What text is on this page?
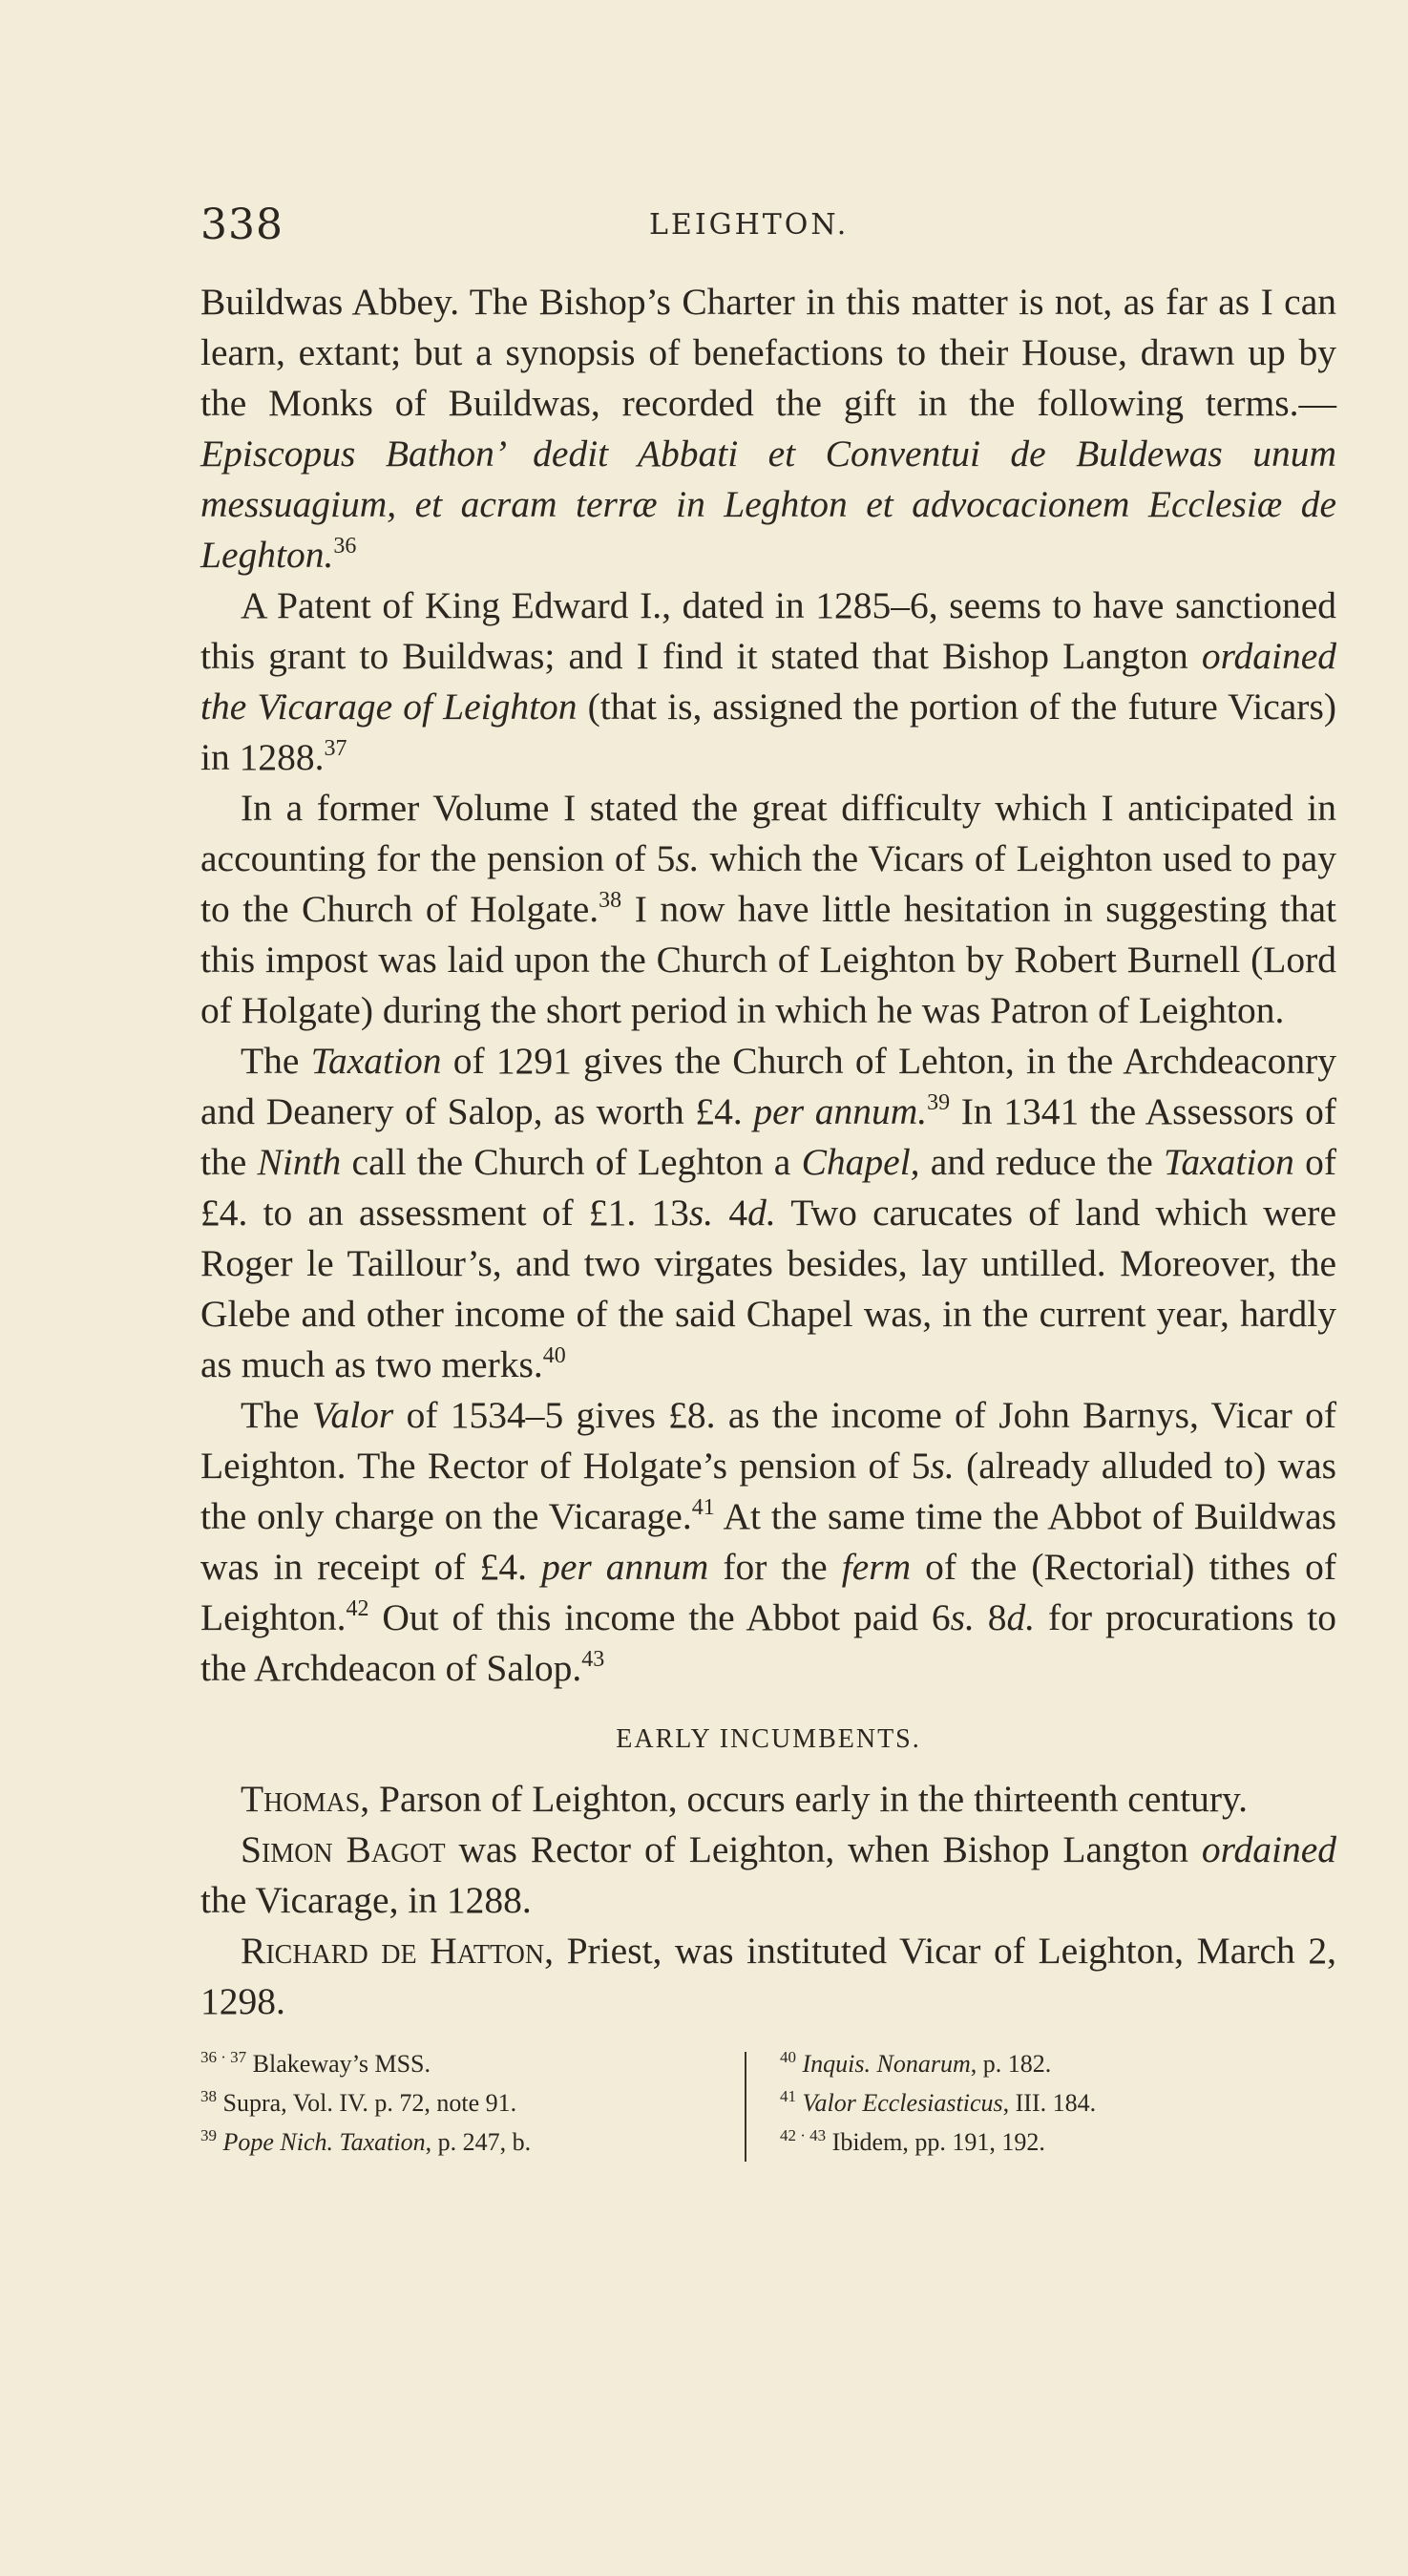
338	LEIGHTON.

Buildwas Abbey. The Bishop’s Charter in this matter is not, as far as I can learn, extant; but a synopsis of benefactions to their House, drawn up by the Monks of Buildwas, recorded the gift in the following terms.—Episcopus Bathon’ dedit Abbati et Conventui de Buldewas unum messuagium, et acram terræ in Leghton et advocacionem Ecclesiæ de Leghton.$^{36}$

A Patent of King Edward I., dated in 1285–6, seems to have sanctioned this grant to Buildwas; and I find it stated that Bishop Langton ordained the Vicarage of Leighton (that is, assigned the portion of the future Vicars) in 1288.37

In a former Volume I stated the great difficulty which I anticipated in accounting for the pension of 5s. which the Vicars of Leighton used to pay to the Church of Holgate.$^{38}$ I now have little hesitation in suggesting that this impost was laid upon the Church of Leighton by Robert Burnell (Lord of Holgate) during the short period in which he was Patron of Leighton.

The Taxation of 1291 gives the Church of Lehton, in the Archdeaconry and Deanery of Salop, as worth £4. per annum.$^{39}$ In 1341 the Assessors of the Ninth call the Church of Leghton a Chapel, and reduce the Taxation of £4. to an assessment of £1. 13s. 4d. Two carucates of land which were Roger le Taillour’s, and two virgates besides, lay untilled. Moreover, the Glebe and other income of the said Chapel was, in the current year, hardly as much as two merks.$^{40}$

The Valor of 1534–5 gives £8. as the income of John Barnys, Vicar of Leighton. The Rector of Holgate’s pension of 5s. (already alluded to) was the only charge on the Vicarage.$^{41}$ At the same time the Abbot of Buildwas was in receipt of £4. per annum for the ferm of the (Rectorial) tithes of Leighton.$^{42}$ Out of this income the Abbot paid 6s. 8d. for procurations to the Archdeacon of Salop.$^{43}$

EARLY INCUMBENTS.

Thomas, Parson of Leighton, occurs early in the thirteenth century.

Simon Bagot was Rector of Leighton, when Bishop Langton ordained the Vicarage, in 1288.

Richard de Hatton, Priest, was instituted Vicar of Leighton, March 2, 1298.

$^{36 \cdot 37}$ Blakeway’s MSS.
$^{38}$ Supra, Vol. IV. p. 72, note 91.
$^{39}$ Pope Nich. Taxation, p. 247, b.
$^{40}$ Inquis. Nonarum, p. 182.
$^{41}$ Valor Ecclesiasticus, III. 184.
$^{42 \cdot 43}$ Ibidem, pp. 191, 192.
